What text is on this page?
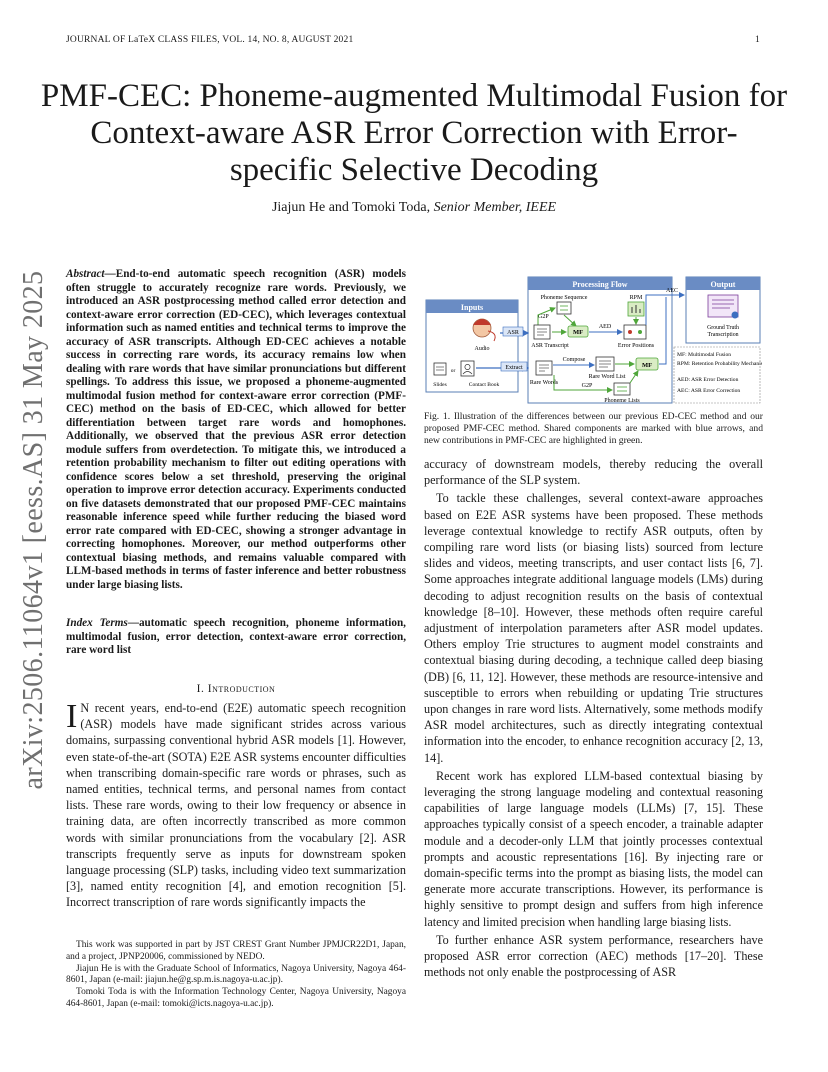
JOURNAL OF LaTeX CLASS FILES, VOL. 14, NO. 8, AUGUST 2021	1
PMF-CEC: Phoneme-augmented Multimodal Fusion for Context-aware ASR Error Correction with Error-specific Selective Decoding
Jiajun He and Tomoki Toda, Senior Member, IEEE
arXiv:2506.11064v1 [eess.AS] 31 May 2025 Abstract—End-to-end automatic speech recognition (ASR) models often struggle to accurately recognize rare words. Previously, we introduced an ASR postprocessing method called error detection and context-aware error correction (ED-CEC), which leverages contextual information such as named entities and technical terms to improve the accuracy of ASR transcripts. Although ED-CEC achieves a notable success in correcting rare words, its accuracy remains low when dealing with rare words that have similar pronunciations but different spellings. To address this issue, we proposed a phoneme-augmented multimodal fusion method for context-aware error correction (PMF-CEC) method on the basis of ED-CEC, which allowed for better differentiation between target rare words and homophones. Additionally, we observed that the previous ASR error detection module suffers from overdetection. To mitigate this, we introduced a retention probability mechanism to filter out editing operations with confidence scores below a set threshold, preserving the original operation to improve error detection accuracy. Experiments conducted on five datasets demonstrated that our proposed PMF-CEC maintains reasonable inference speed while further reducing the biased word error rate compared with ED-CEC, showing a stronger advantage in correcting homophones. Moreover, our method outperforms other contextual biasing methods, and remains valuable compared with LLM-based methods in terms of faster inference and better robustness under large biasing lists.
Index Terms—automatic speech recognition, phoneme information, multimodal fusion, error detection, context-aware error correction, rare word list
I. Introduction
I N recent years, end-to-end (E2E) automatic speech recognition (ASR) models have made significant strides across various domains, surpassing conventional hybrid ASR models [1]. However, even state-of-the-art (SOTA) E2E ASR systems encounter difficulties when transcribing domain-specific rare words or phrases, such as named entities, technical terms, and personal names from contact lists. These rare words, owing to their low frequency or absence in training data, are often incorrectly transcribed as more common words with similar pronunciations from the vocabulary [2]. ASR transcripts frequently serve as inputs for downstream spoken language processing (SLP) tasks, including video text summarization [3], named entity recognition [4], and emotion recognition [5]. Incorrect transcription of rare words significantly impacts the

This work was supported in part by JST CREST Grant Number JPMJCR22D1, Japan, and a project, JPNP20006, commissioned by NEDO.

Jiajun He is with the Graduate School of Informatics, Nagoya University, Nagoya 464-8601, Japan (e-mail: jiajun.he@g.sp.m.is.nagoya-u.ac.jp).

Tomoki Toda is with the Information Technology Center, Nagoya University, Nagoya 464-8601, Japan (e-mail: tomoki@icts.nagoya-u.ac.jp).

Inputs
Audio
or
Slides	Contact Book
Processing Flow
ASR
Extract
Phoneme Sequence
G2P
ASR Transcript
MF
AED
RPM
Error Positions
Rare Words
Compose
Rare Word List
G2P
Phoneme Lists
MF
AEC
Output
Ground Truth Transcription
MF: Multimodal Fusion
RPM: Retention Probability Mechanism
AED: ASR Error Detection
AEC: ASR Error Correction
Fig. 1. Illustration of the differences between our previous ED-CEC method and our proposed PMF-CEC method. Shared components are marked with blue arrows, and new contributions in PMF-CEC are highlighted in green.

accuracy of downstream models, thereby reducing the overall performance of the SLP system.

To tackle these challenges, several context-aware approaches based on E2E ASR systems have been proposed. These methods leverage contextual knowledge to rectify ASR outputs, often by compiling rare word lists (or biasing lists) sourced from lecture slides and videos, meeting transcripts, and user contact lists [6, 7]. Some approaches integrate additional language models (LMs) during decoding to adjust recognition results on the basis of contextual knowledge [8–10]. However, these methods often require careful adjustment of interpolation parameters after ASR model updates. Others employ Trie structures to augment model constraints and contextual biasing during decoding, a technique called deep biasing (DB) [6, 11, 12]. However, these methods are resource-intensive and susceptible to errors when rebuilding or updating Trie structures upon changes in rare word lists. Alternatively, some methods modify ASR model architectures, such as directly integrating contextual information into the encoder, to enhance recognition accuracy [2, 13, 14].

Recent work has explored LLM-based contextual biasing by leveraging the strong language modeling and contextual reasoning capabilities of large language models (LLMs) [7, 15]. These approaches typically consist of a speech encoder, a trainable adapter module and a decoder-only LLM that jointly processes contextual prompts and acoustic representations [16]. By injecting rare or domain-specific terms into the prompt as biasing lists, the model can generate more accurate transcriptions. However, its performance is highly sensitive to prompt design and suffers from high inference latency and limited precision when handling large biasing lists.

To further enhance ASR system performance, researchers have proposed ASR error correction (AEC) methods [17–20]. These methods not only enable the postprocessing of ASR
